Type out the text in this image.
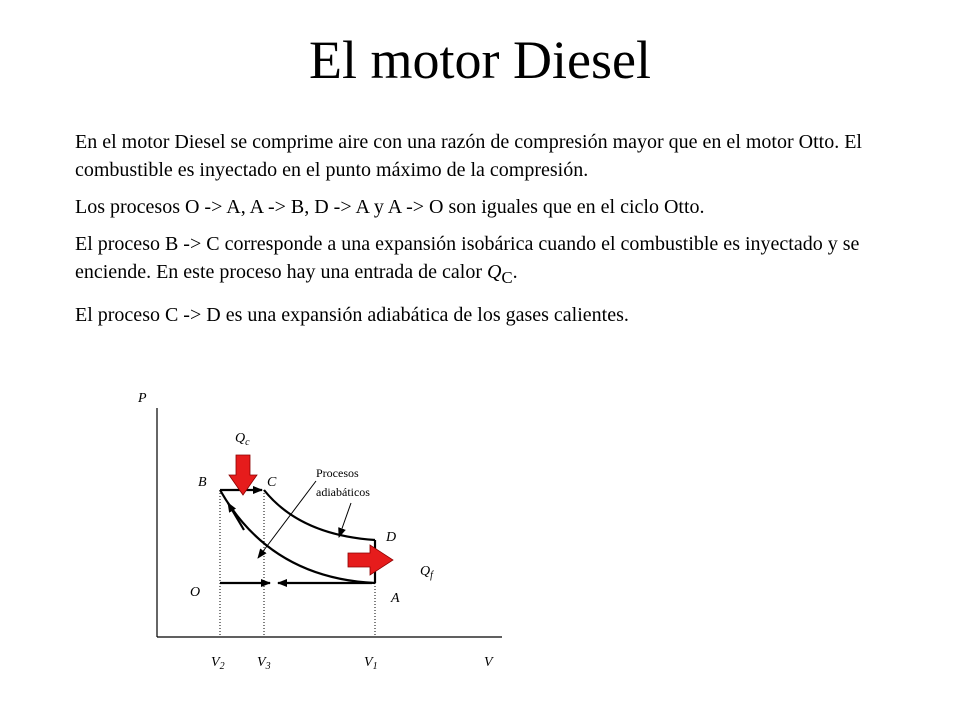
El motor Diesel

En el motor Diesel se comprime aire con una razón de compresión mayor que en el motor Otto. El combustible es inyectado en el punto máximo de la compresión.

Los procesos O -> A, A -> B, D -> A y A -> O son iguales que en el ciclo Otto.

El proceso B -> C corresponde a una expansión isobárica cuando el combustible es inyectado y se enciende. En este proceso hay una entrada de calor $Q_C$.

El proceso C -> D es una expansión adiabática de los gases calientes.

P
V
B	C
D
A
O
$Q_c$
$Q_f$
Procesos
adiabáticos
$V_2$ $V_3$	$V_1$
